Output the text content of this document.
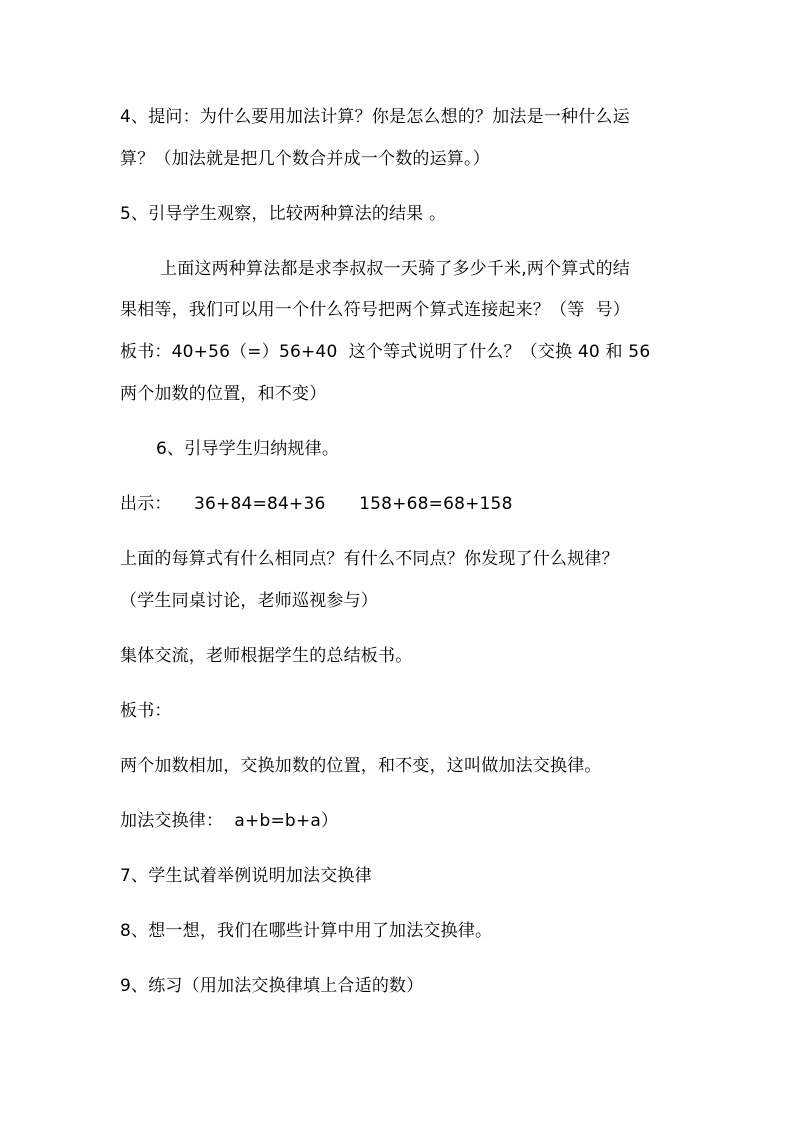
4、提问：为什么要用加法计算？你是怎么想的？加法是一种什么运
算？（加法就是把几个数合并成一个数的运算。）
5、引导学生观察，比较两种算法的结果 。
上面这两种算法都是求李叔叔一天骑了多少千米,两个算式的结
果相等，我们可以用一个什么符号把两个算式连接起来？（等  号）
板书：40+56（=）56+40  这个等式说明了什么？（交换 40 和 56
两个加数的位置，和不变）
6、引导学生归纳规律。
出示：    36+84=84+36      158+68=68+158
上面的每算式有什么相同点？有什么不同点？你发现了什么规律？
（学生同桌讨论，老师巡视参与）
集体交流，老师根据学生的总结板书。
板书：
两个加数相加，交换加数的位置，和不变，这叫做加法交换律。
加法交换律：  a+b=b+a）
7、学生试着举例说明加法交换律
8、想一想，我们在哪些计算中用了加法交换律。
9、练习（用加法交换律填上合适的数）
